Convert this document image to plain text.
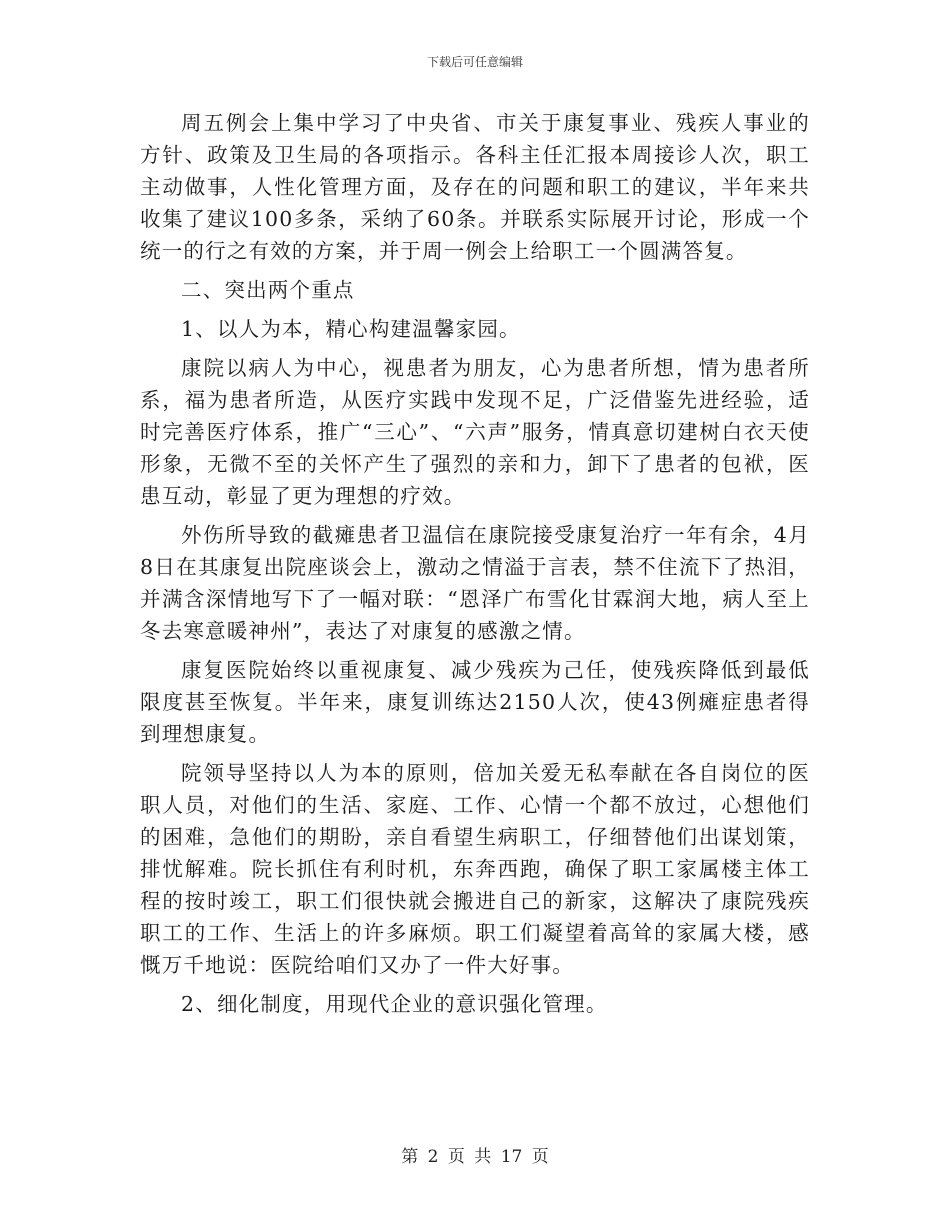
下载后可任意编辑

周五例会上集中学习了中央省、市关于康复事业、残疾人事业的方针、政策及卫生局的各项指示。各科主任汇报本周接诊人次，职工主动做事，人性化管理方面，及存在的问题和职工的建议，半年来共收集了建议100多条，采纳了60条。并联系实际展开讨论，形成一个统一的行之有效的方案，并于周一例会上给职工一个圆满答复。

二、突出两个重点

1、以人为本，精心构建温馨家园。

康院以病人为中心，视患者为朋友，心为患者所想，情为患者所系，福为患者所造，从医疗实践中发现不足，广泛借鉴先进经验，适时完善医疗体系，推广“三心”、“六声”服务，情真意切建树白衣天使形象，无微不至的关怀产生了强烈的亲和力，卸下了患者的包袱，医患互动，彰显了更为理想的疗效。

外伤所导致的截瘫患者卫温信在康院接受康复治疗一年有余，4月8日在其康复出院座谈会上，激动之情溢于言表，禁不住流下了热泪，并满含深情地写下了一幅对联：“恩泽广布雪化甘霖润大地，病人至上冬去寒意暖神州”，表达了对康复的感激之情。

康复医院始终以重视康复、减少残疾为己任，使残疾降低到最低限度甚至恢复。半年来，康复训练达2150人次，使43例瘫症患者得到理想康复。

院领导坚持以人为本的原则，倍加关爱无私奉献在各自岗位的医职人员，对他们的生活、家庭、工作、心情一个都不放过，心想他们的困难，急他们的期盼，亲自看望生病职工，仔细替他们出谋划策，排忧解难。院长抓住有利时机，东奔西跑，确保了职工家属楼主体工程的按时竣工，职工们很快就会搬进自己的新家，这解决了康院残疾职工的工作、生活上的许多麻烦。职工们凝望着高耸的家属大楼，感慨万千地说：医院给咱们又办了一件大好事。

2、细化制度，用现代企业的意识强化管理。

第 2 页 共 17 页
